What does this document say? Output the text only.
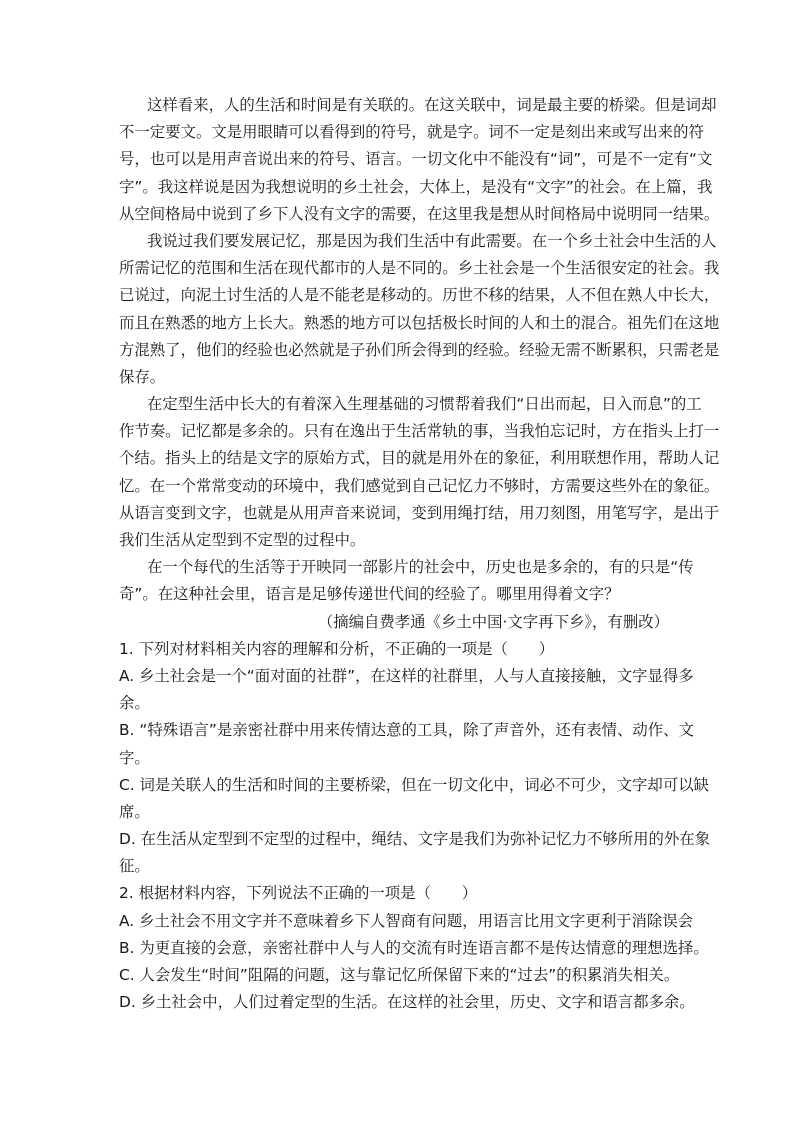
这样看来，人的生活和时间是有关联的。在这关联中，词是最主要的桥梁。但是词却
不一定要文。文是用眼睛可以看得到的符号，就是字。词不一定是刻出来或写出来的符
号，也可以是用声音说出来的符号、语言。一切文化中不能没有“词”，可是不一定有“文
字”。我这样说是因为我想说明的乡土社会，大体上，是没有“文字”的社会。在上篇，我
从空间格局中说到了乡下人没有文字的需要，在这里我是想从时间格局中说明同一结果。
我说过我们要发展记忆，那是因为我们生活中有此需要。在一个乡土社会中生活的人
所需记忆的范围和生活在现代都市的人是不同的。乡土社会是一个生活很安定的社会。我
已说过，向泥土讨生活的人是不能老是移动的。历世不移的结果，人不但在熟人中长大，
而且在熟悉的地方上长大。熟悉的地方可以包括极长时间的人和土的混合。祖先们在这地
方混熟了，他们的经验也必然就是子孙们所会得到的经验。经验无需不断累积，只需老是
保存。
在定型生活中长大的有着深入生理基础的习惯帮着我们“日出而起，日入而息”的工
作节奏。记忆都是多余的。只有在逸出于生活常轨的事，当我怕忘记时，方在指头上打一
个结。指头上的结是文字的原始方式，目的就是用外在的象征，利用联想作用，帮助人记
忆。在一个常常变动的环境中，我们感觉到自己记忆力不够时，方需要这些外在的象征。
从语言变到文字，也就是从用声音来说词，变到用绳打结，用刀刻图，用笔写字，是出于
我们生活从定型到不定型的过程中。
在一个每代的生活等于开映同一部影片的社会中，历史也是多余的，有的只是“传
奇”。在这种社会里，语言是足够传递世代间的经验了。哪里用得着文字？
（摘编自费孝通《乡土中国·文字再下乡》，有删改）
1. 下列对材料相关内容的理解和分析，不正确的一项是（　　）
A. 乡土社会是一个“面对面的社群”，在这样的社群里，人与人直接接触，文字显得多
余。
B. “特殊语言”是亲密社群中用来传情达意的工具，除了声音外，还有表情、动作、文
字。
C. 词是关联人的生活和时间的主要桥梁，但在一切文化中，词必不可少，文字却可以缺
席。
D. 在生活从定型到不定型的过程中，绳结、文字是我们为弥补记忆力不够所用的外在象
征。
2. 根据材料内容，下列说法不正确的一项是（　　）
A. 乡土社会不用文字并不意味着乡下人智商有问题，用语言比用文字更利于消除误会
B. 为更直接的会意，亲密社群中人与人的交流有时连语言都不是传达情意的理想选择。
C. 人会发生“时间”阻隔的问题，这与靠记忆所保留下来的“过去”的积累消失相关。
D. 乡土社会中，人们过着定型的生活。在这样的社会里，历史、文字和语言都多余。
